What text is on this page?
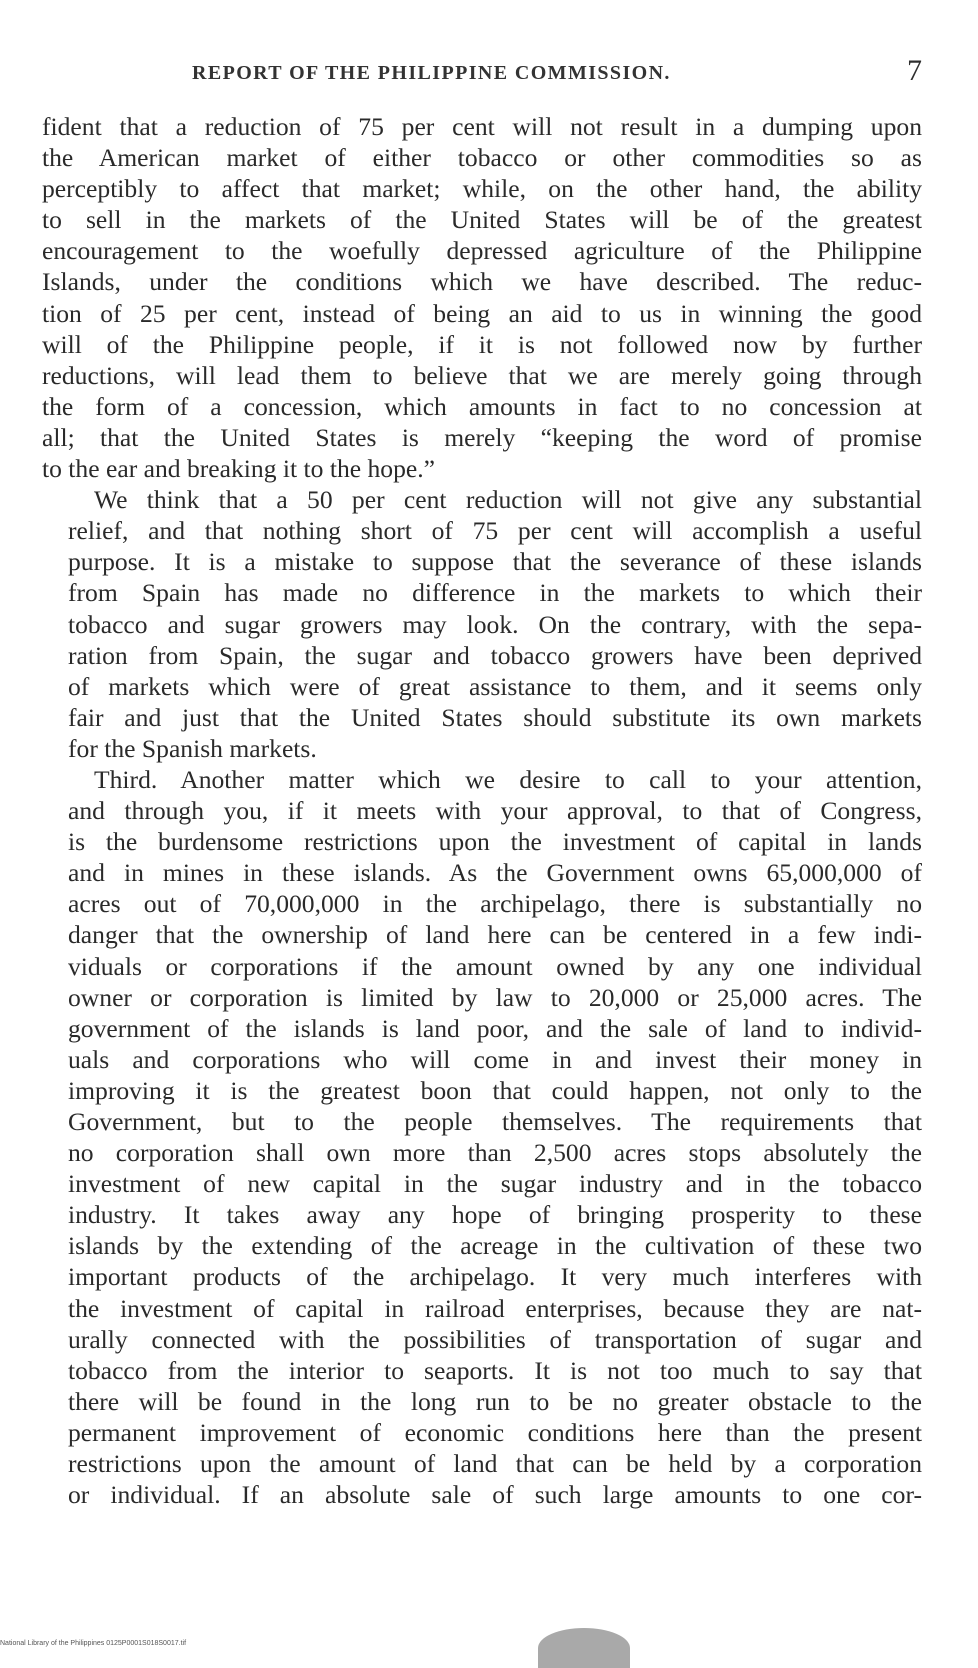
REPORT OF THE PHILIPPINE COMMISSION.	7
fident that a reduction of 75 per cent will not result in a dumping upon
the American market of either tobacco or other commodities so as
perceptibly to affect that market; while, on the other hand, the ability
to sell in the markets of the United States will be of the greatest
encouragement to the woefully depressed agriculture of the Philippine
Islands, under the conditions which we have described. The reduc-
tion of 25 per cent, instead of being an aid to us in winning the good
will of the Philippine people, if it is not followed now by further
reductions, will lead them to believe that we are merely going through
the form of a concession, which amounts in fact to no concession at
all; that the United States is merely “keeping the word of promise
to the ear and breaking it to the hope.”
We think that a 50 per cent reduction will not give any substantial
relief, and that nothing short of 75 per cent will accomplish a useful
purpose. It is a mistake to suppose that the severance of these islands
from Spain has made no difference in the markets to which their
tobacco and sugar growers may look. On the contrary, with the sepa-
ration from Spain, the sugar and tobacco growers have been deprived
of markets which were of great assistance to them, and it seems only
fair and just that the United States should substitute its own markets
for the Spanish markets.
Third. Another matter which we desire to call to your attention,
and through you, if it meets with your approval, to that of Congress,
is the burdensome restrictions upon the investment of capital in lands
and in mines in these islands. As the Government owns 65,000,000 of
acres out of 70,000,000 in the archipelago, there is substantially no
danger that the ownership of land here can be centered in a few indi-
viduals or corporations if the amount owned by any one individual
owner or corporation is limited by law to 20,000 or 25,000 acres. The
government of the islands is land poor, and the sale of land to individ-
uals and corporations who will come in and invest their money in
improving it is the greatest boon that could happen, not only to the
Government, but to the people themselves. The requirements that
no corporation shall own more than 2,500 acres stops absolutely the
investment of new capital in the sugar industry and in the tobacco
industry. It takes away any hope of bringing prosperity to these
islands by the extending of the acreage in the cultivation of these two
important products of the archipelago. It very much interferes with
the investment of capital in railroad enterprises, because they are nat-
urally connected with the possibilities of transportation of sugar and
tobacco from the interior to seaports. It is not too much to say that
there will be found in the long run to be no greater obstacle to the
permanent improvement of economic conditions here than the present
restrictions upon the amount of land that can be held by a corporation
or individual. If an absolute sale of such large amounts to one cor-
National Library of the Philippines 0125P0001S018S0017.tif
